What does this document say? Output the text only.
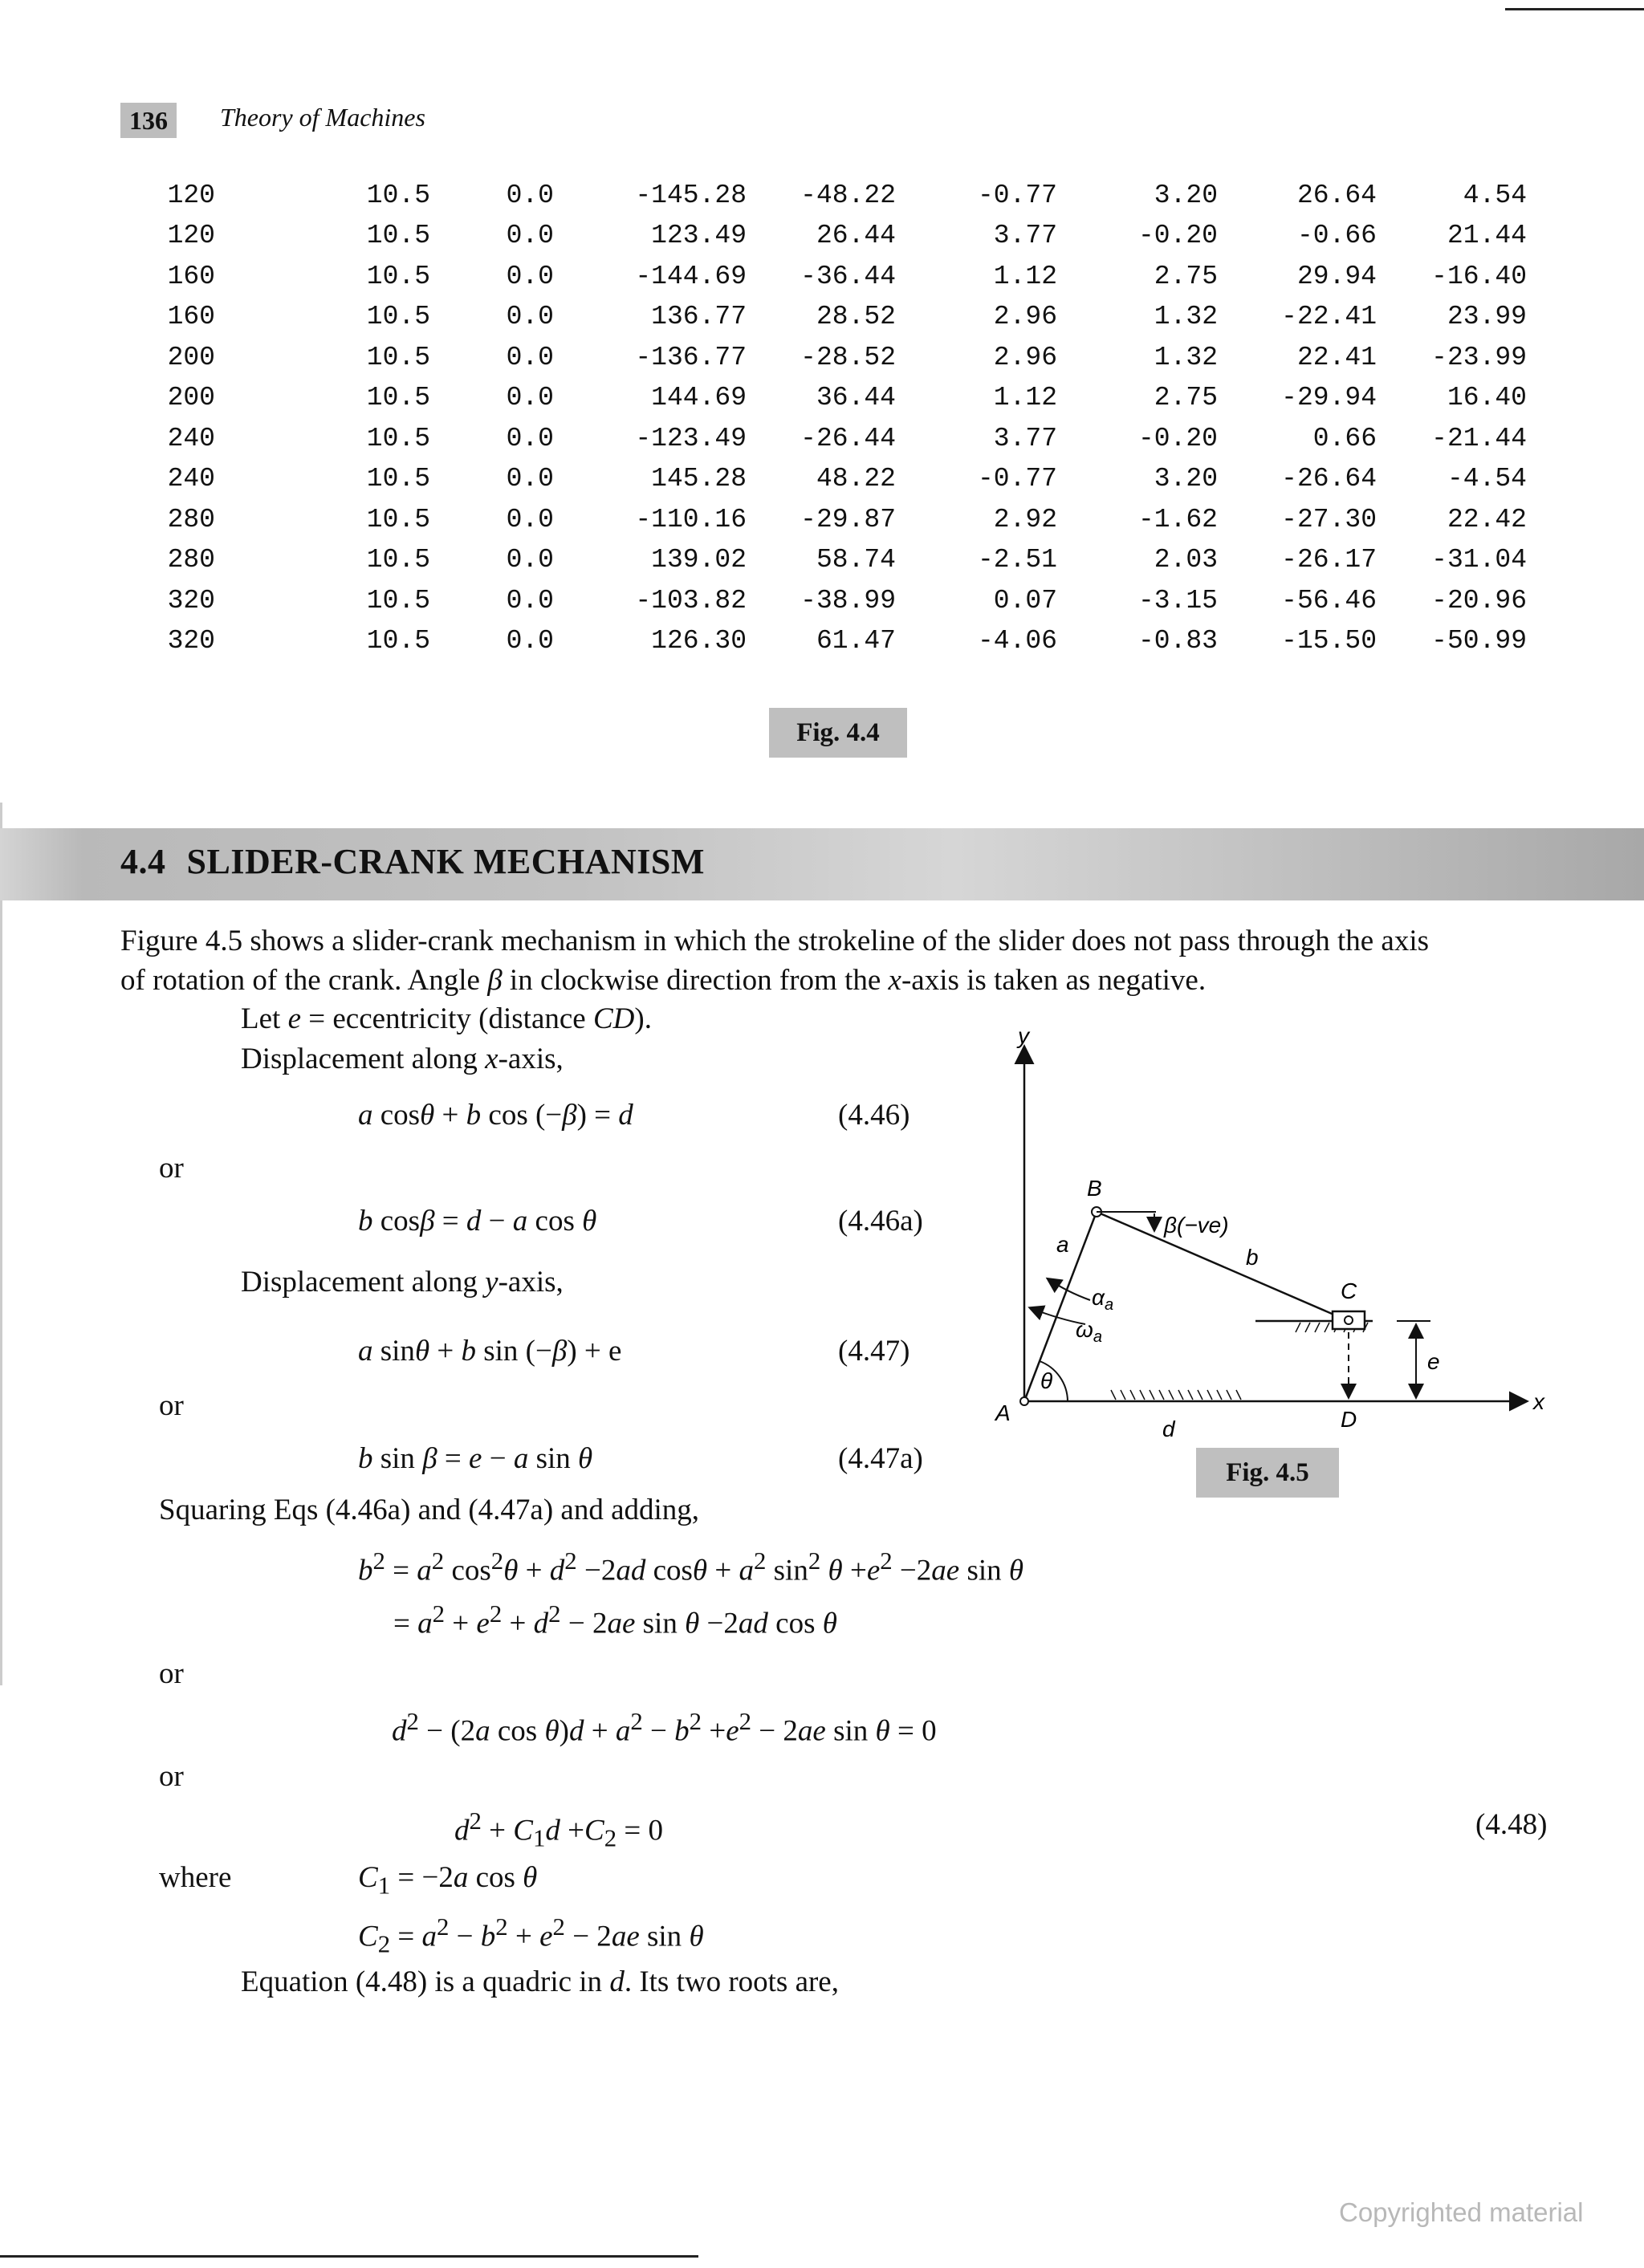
136	Theory of Machines
120	10.5	0.0	-145.28	-48.22	-0.77	3.20	26.64	4.54
120	10.5	0.0	123.49	26.44	3.77	-0.20	-0.66	21.44
160	10.5	0.0	-144.69	-36.44	1.12	2.75	29.94	-16.40
160	10.5	0.0	136.77	28.52	2.96	1.32	-22.41	23.99
200	10.5	0.0	-136.77	-28.52	2.96	1.32	22.41	-23.99
200	10.5	0.0	144.69	36.44	1.12	2.75	-29.94	16.40
240	10.5	0.0	-123.49	-26.44	3.77	-0.20	0.66	-21.44
240	10.5	0.0	145.28	48.22	-0.77	3.20	-26.64	-4.54
280	10.5	0.0	-110.16	-29.87	2.92	-1.62	-27.30	22.42
280	10.5	0.0	139.02	58.74	-2.51	2.03	-26.17	-31.04
320	10.5	0.0	-103.82	-38.99	0.07	-3.15	-56.46	-20.96
320	10.5	0.0	126.30	61.47	-4.06	-0.83	-15.50	-50.99
Fig. 4.4
4.4 SLIDER-CRANK MECHANISM
Figure 4.5 shows a slider-crank mechanism in which the strokeline of the slider does not pass through the axis
of rotation of the crank. Angle β in clockwise direction from the x-axis is taken as negative.
Let e = eccentricity (distance CD).
Displacement along x-axis,
a cosθ + b cos (−β) = d	(4.46)
or
b cosβ = d − a cos θ	(4.46a)
Displacement along y-axis,
a sinθ + b sin (−β) + e	(4.47)
or
b sin β = e − a sin θ	(4.47a)
Squaring Eqs (4.46a) and (4.47a) and adding,
$b^2 = a^2$ $\cos^2\theta + d^2 -2ad$ $\cos\theta + a^2$ $\sin^2 \theta +e^2 -2ae$ sin θ
= $a^2 + e^2 + d^2 - 2ae$ sin θ −2ad cos θ
or
$d^2 - (2a$ $\cos \theta)d + a^2 - b^2 +e^2 - 2ae$ sin θ = 0
or
$d^2 + C_1d +C_2 = 0$	(4.48)
where	$C_1 = -2a$ cos θ
$C_2 = a^2 - b^2 + e^2 - 2ae$ sin θ
Equation (4.48) is a quadric in d. Its two roots are,
y
x
A
B
C
D
a
b
d
e
β(−ve)
θ
$\alpha_a$
$\omega_a$
Fig. 4.5
Copyrighted material
